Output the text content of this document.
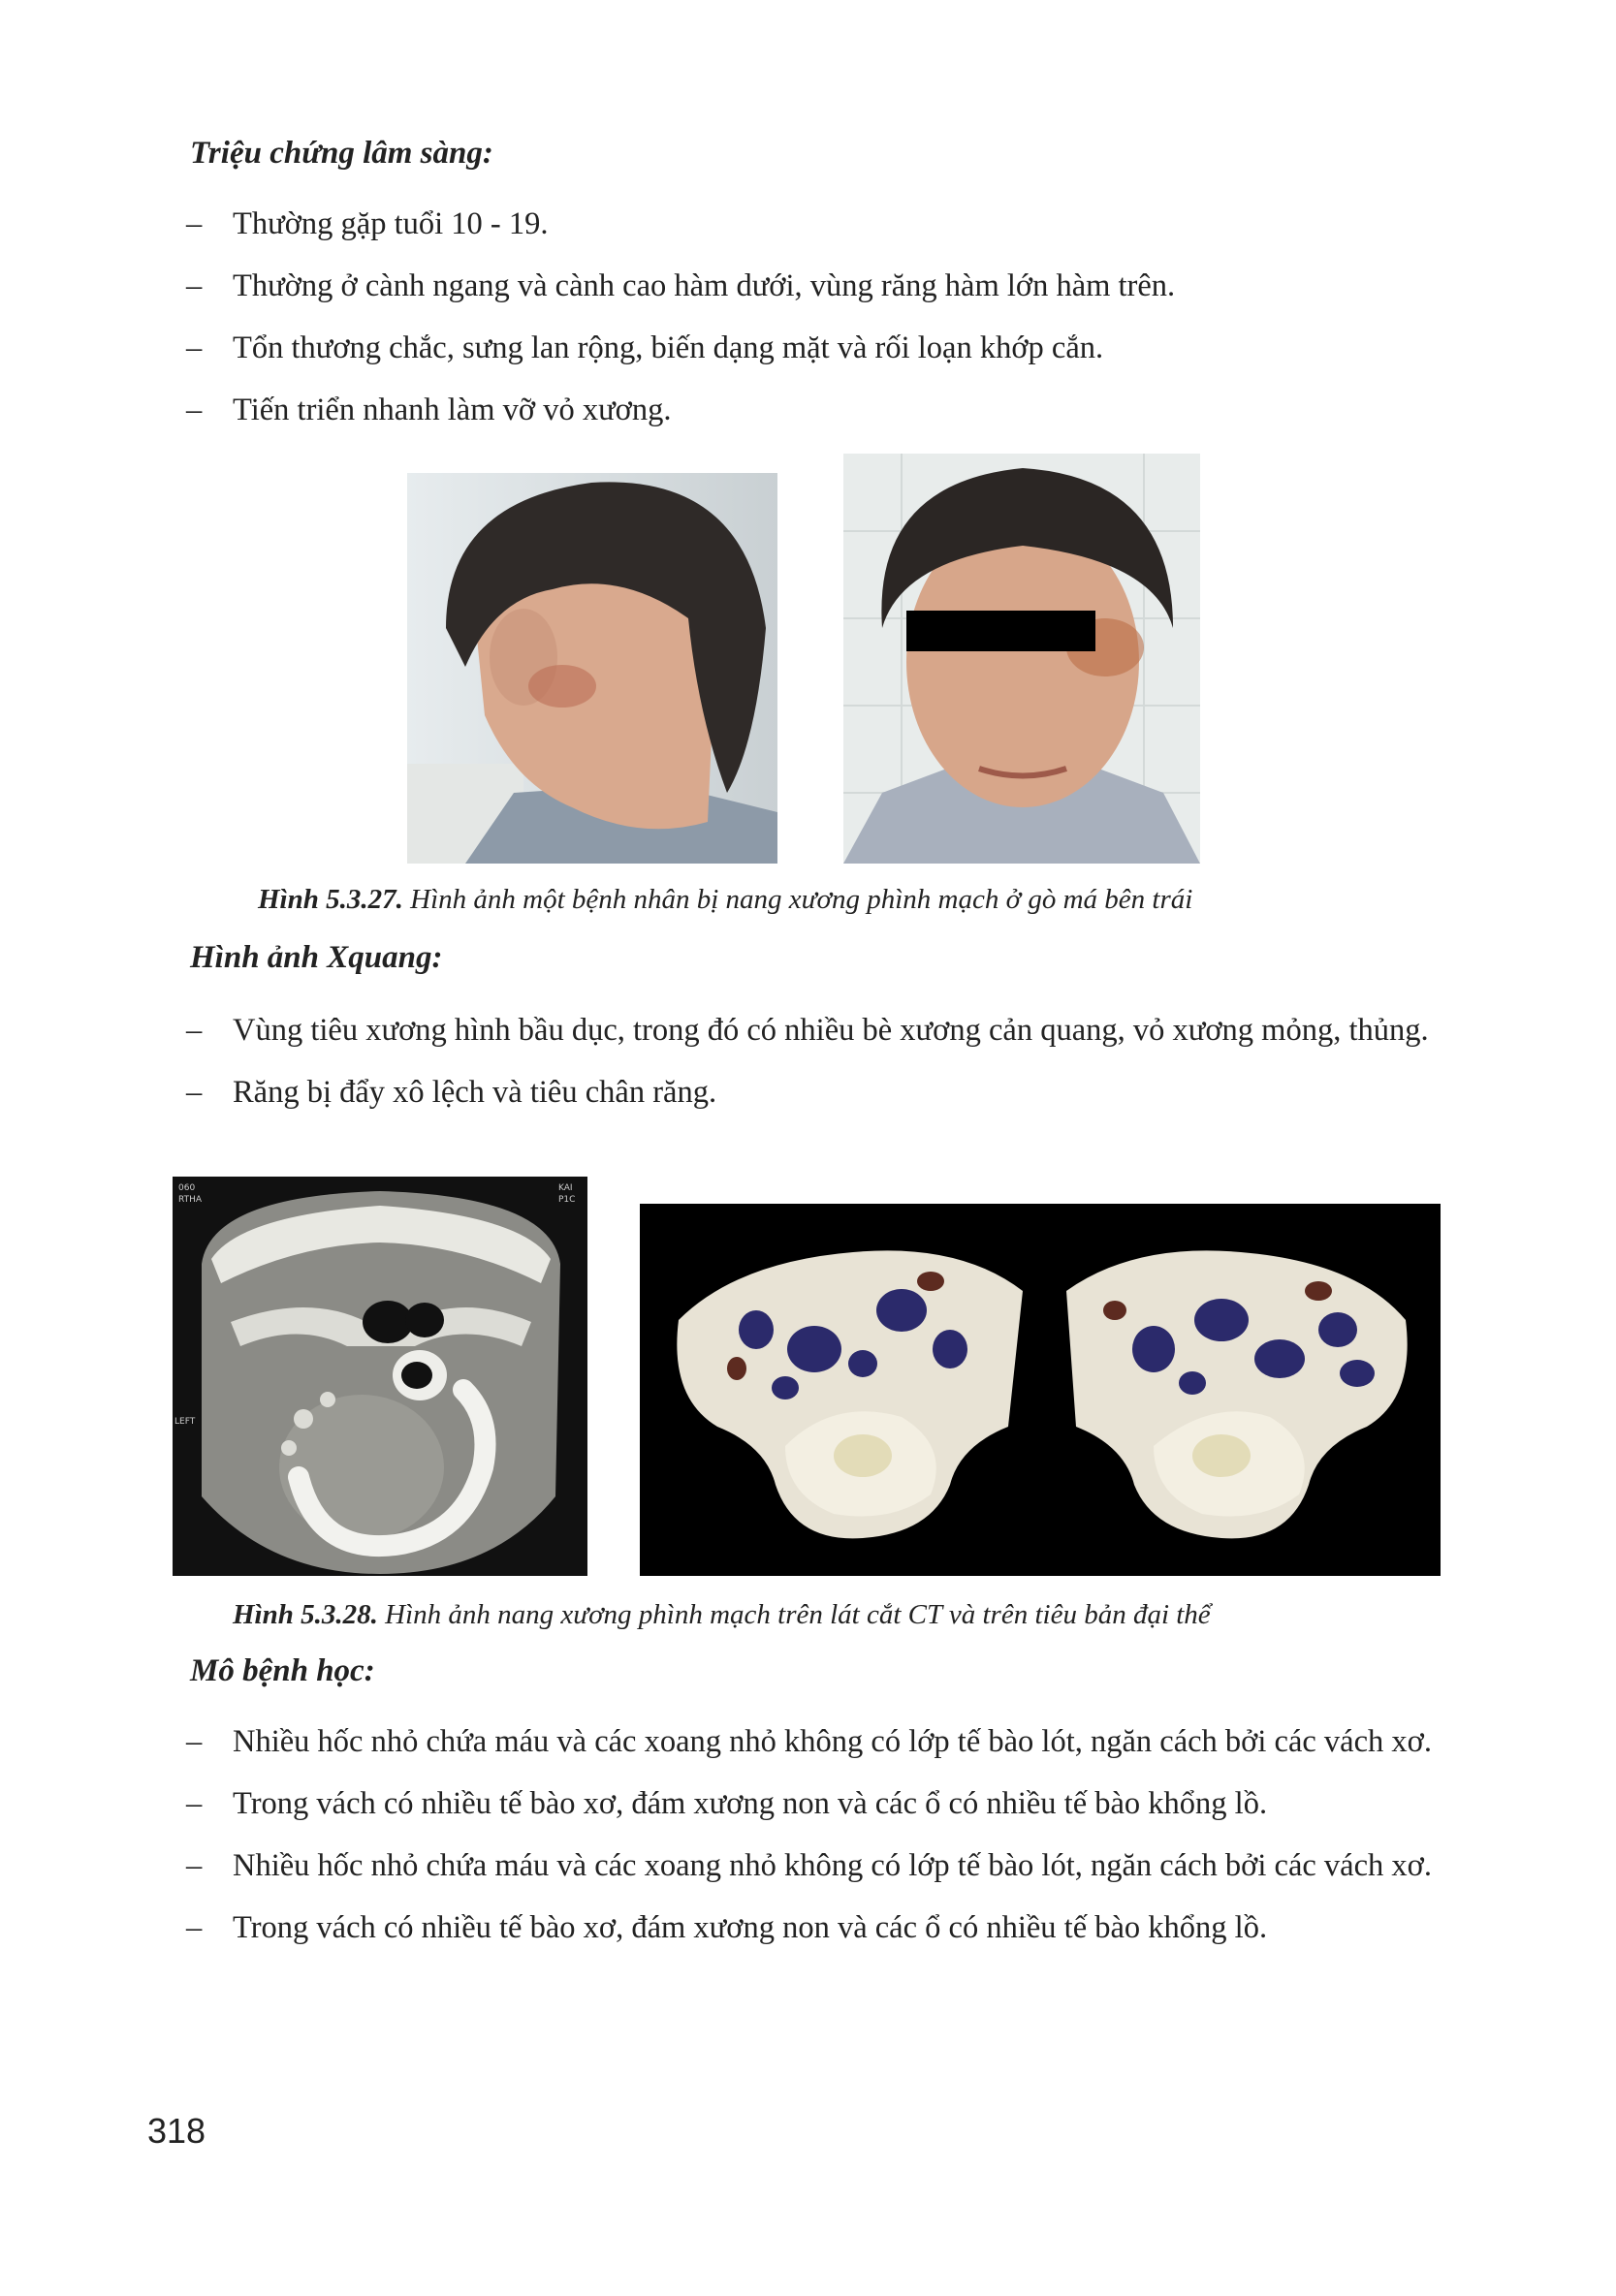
Triệu chứng lâm sàng:
– Thường gặp tuổi 10 - 19.
– Thường ở cành ngang và cành cao hàm dưới, vùng răng hàm lớn hàm trên.
– Tổn thương chắc, sưng lan rộng, biến dạng mặt và rối loạn khớp cắn.
– Tiến triển nhanh làm vỡ vỏ xương.

Hình 5.3.27. Hình ảnh một bệnh nhân bị nang xương phình mạch ở gò má bên trái

Hình ảnh Xquang:
– Vùng tiêu xương hình bầu dục, trong đó có nhiều bè xương cản quang, vỏ xương mỏng, thủng.
– Răng bị đẩy xô lệch và tiêu chân răng.
060
RTHA
KAI
P1C
LEFT

Hình 5.3.28. Hình ảnh nang xương phình mạch trên lát cắt CT và trên tiêu bản đại thể

Mô bệnh học:
– Nhiều hốc nhỏ chứa máu và các xoang nhỏ không có lớp tế bào lót, ngăn cách bởi các vách xơ.
– Trong vách có nhiều tế bào xơ, đám xương non và các ổ có nhiều tế bào khổng lồ.
– Nhiều hốc nhỏ chứa máu và các xoang nhỏ không có lớp tế bào lót, ngăn cách bởi các vách xơ.
– Trong vách có nhiều tế bào xơ, đám xương non và các ổ có nhiều tế bào khổng lồ.

318
